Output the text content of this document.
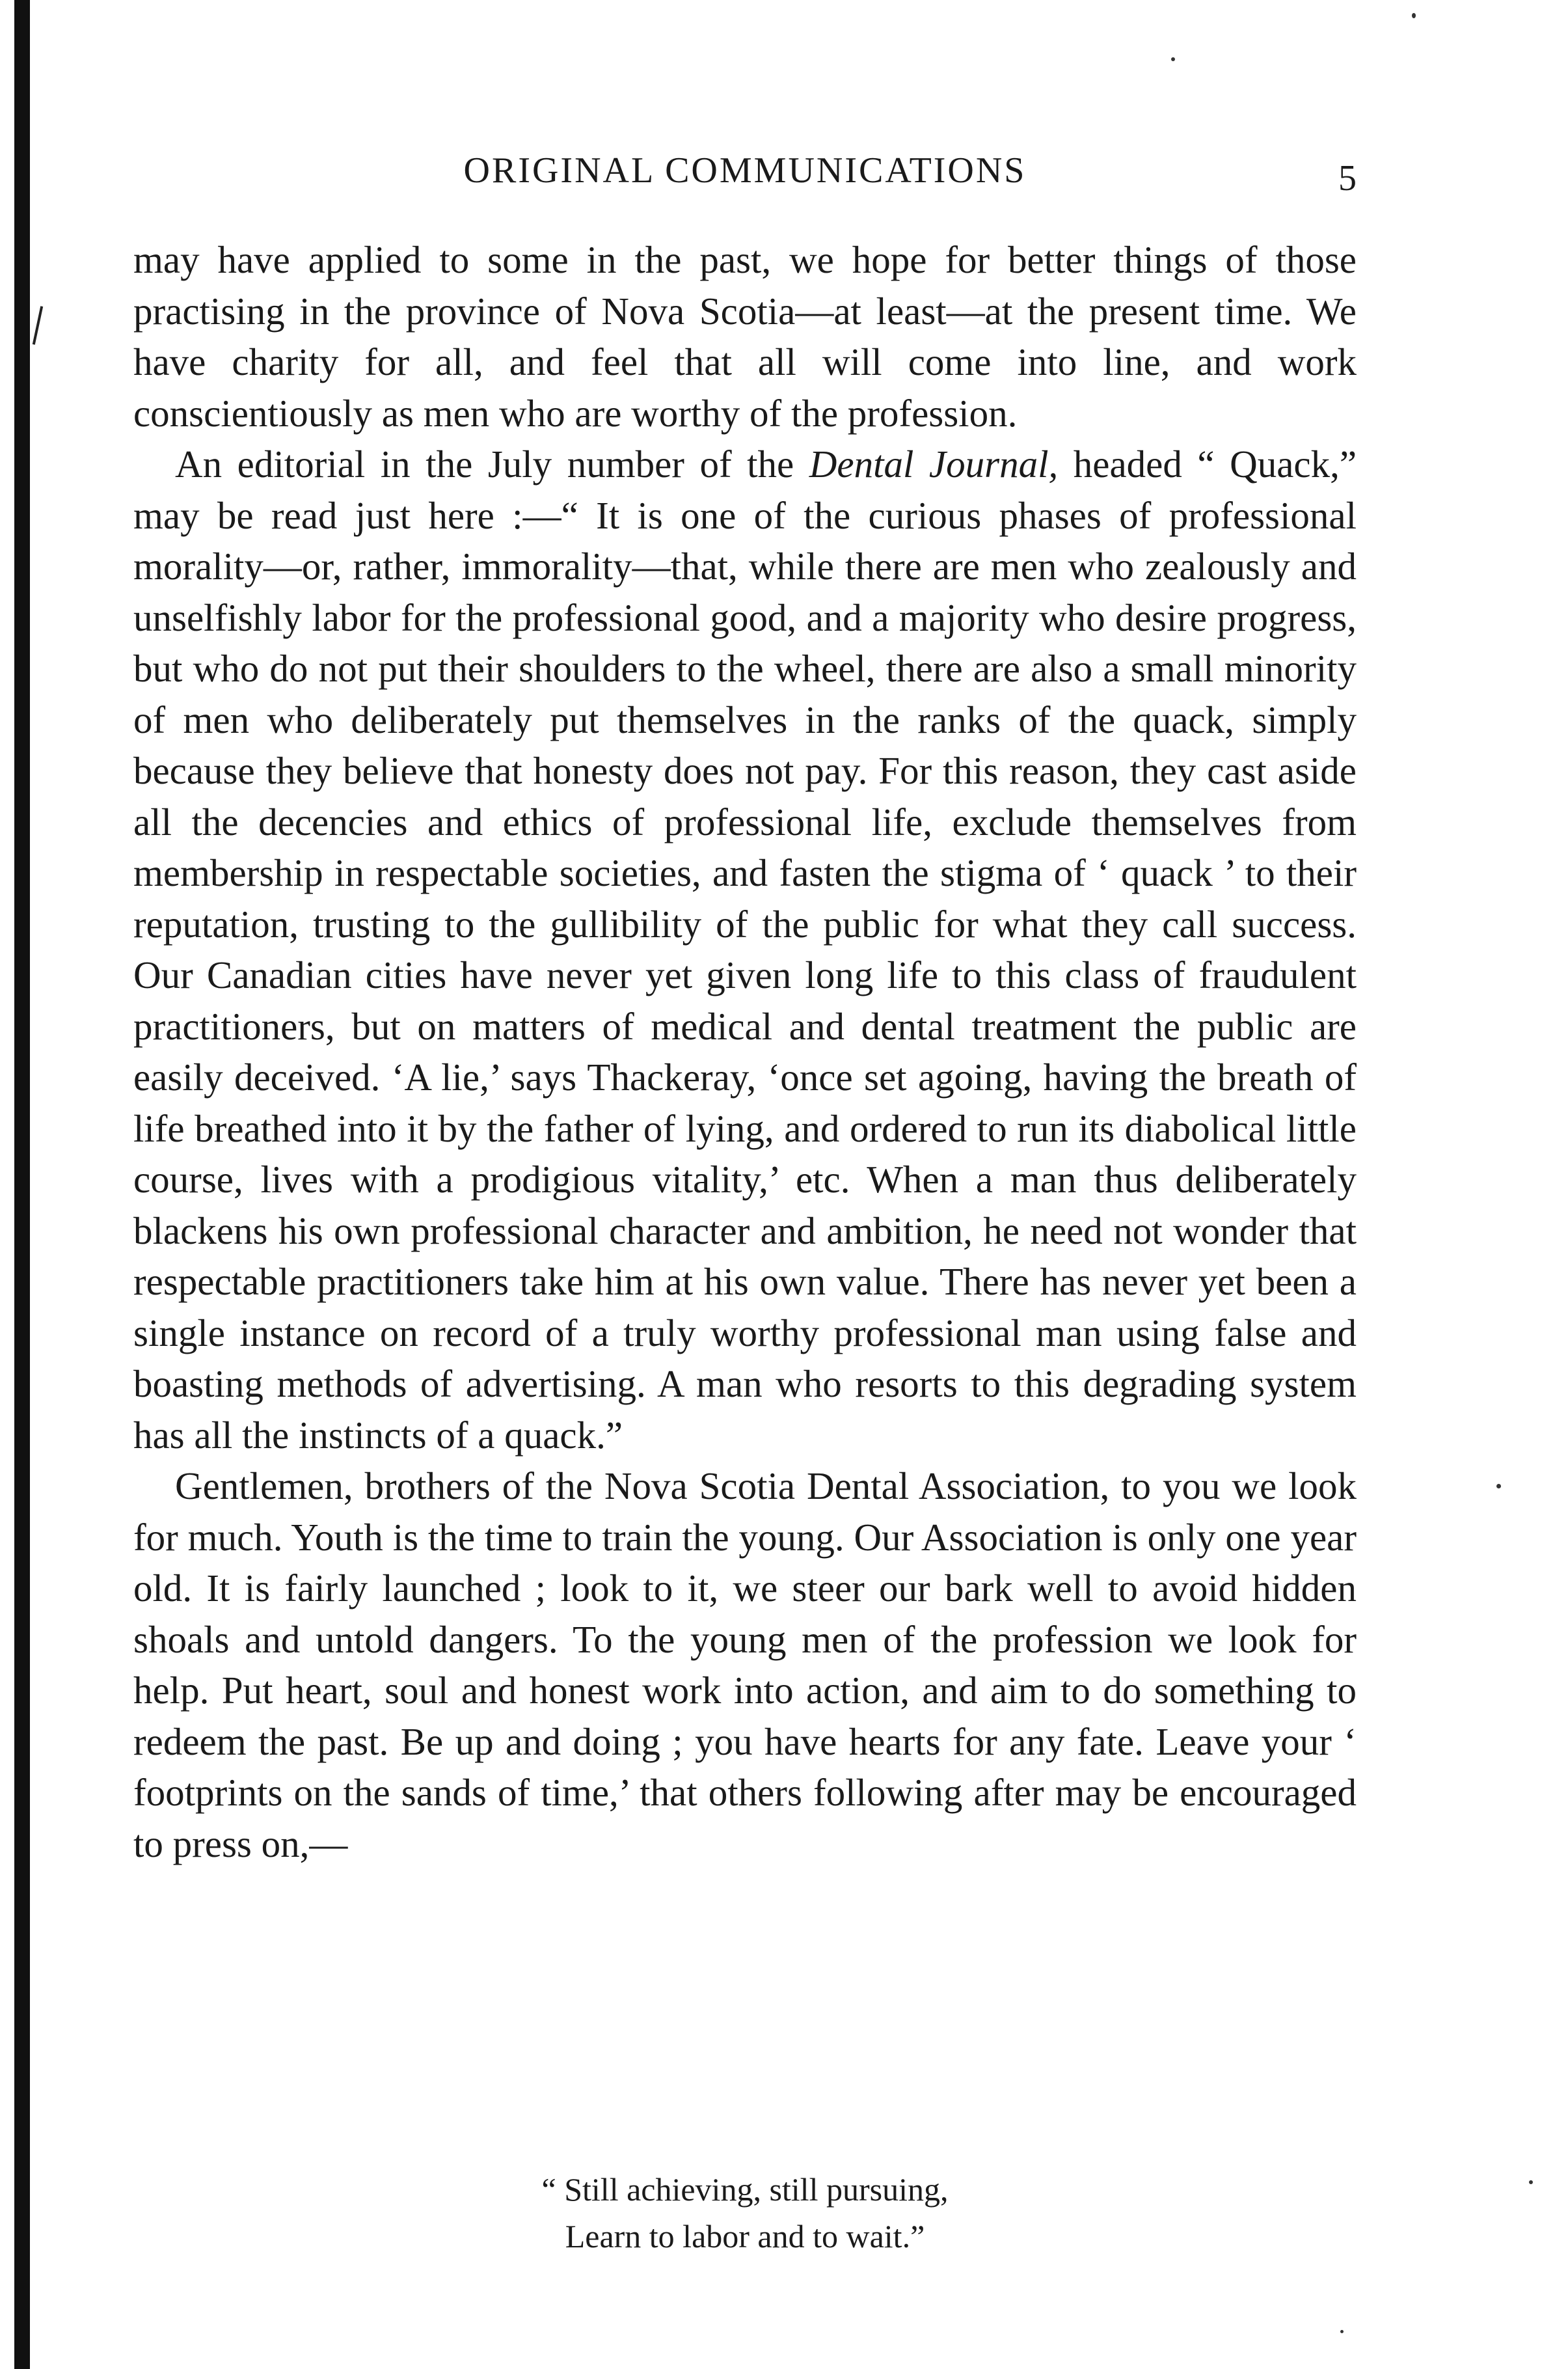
ORIGINAL COMMUNICATIONS	5

may have applied to some in the past, we hope for better things of those practising in the province of Nova Scotia—at least—at the present time. We have charity for all, and feel that all will come into line, and work conscientiously as men who are worthy of the profession.

An editorial in the July number of the Dental Journal, headed “ Quack,” may be read just here :—“ It is one of the curious phases of professional morality—or, rather, immorality—that, while there are men who zealously and unselfishly labor for the professional good, and a majority who desire progress, but who do not put their shoulders to the wheel, there are also a small minority of men who deliberately put themselves in the ranks of the quack, simply because they believe that honesty does not pay. For this reason, they cast aside all the decencies and ethics of professional life, exclude themselves from membership in respectable societies, and fasten the stigma of ‘ quack ’ to their reputation, trusting to the gullibility of the public for what they call success. Our Canadian cities have never yet given long life to this class of fraudulent practitioners, but on matters of medical and dental treatment the public are easily deceived. ‘A lie,’ says Thackeray, ‘once set agoing, having the breath of life breathed into it by the father of lying, and ordered to run its diabolical little course, lives with a prodigious vitality,’ etc. When a man thus deliberately blackens his own professional character and ambition, he need not wonder that respectable practitioners take him at his own value. There has never yet been a single instance on record of a truly worthy professional man using false and boasting methods of advertising. A man who resorts to this degrading system has all the instincts of a quack.”

Gentlemen, brothers of the Nova Scotia Dental Association, to you we look for much. Youth is the time to train the young. Our Association is only one year old. It is fairly launched ; look to it, we steer our bark well to avoid hidden shoals and untold dangers. To the young men of the profession we look for help. Put heart, soul and honest work into action, and aim to do something to redeem the past. Be up and doing ; you have hearts for any fate. Leave your ‘ footprints on the sands of time,’ that others following after may be encouraged to press on,—

“ Still achieving, still pursuing,
Learn to labor and to wait.”
